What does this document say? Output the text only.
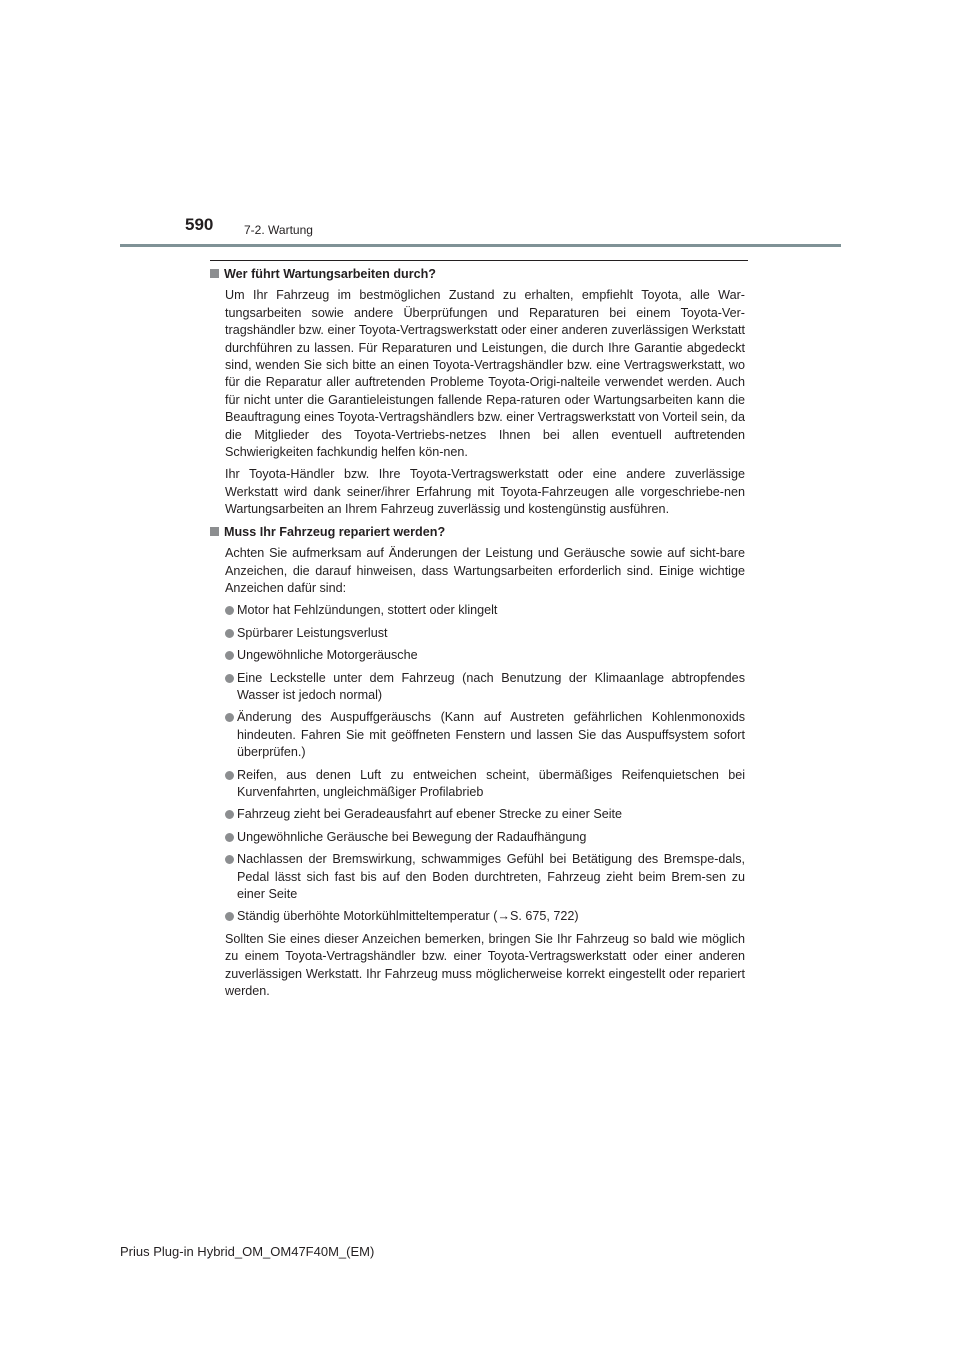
590	7-2. Wartung
Wer führt Wartungsarbeiten durch?

Um Ihr Fahrzeug im bestmöglichen Zustand zu erhalten, empfiehlt Toyota, alle War-tungsarbeiten sowie andere Überprüfungen und Reparaturen bei einem Toyota-Ver-tragshändler bzw. einer Toyota-Vertragswerkstatt oder einer anderen zuverlässigen Werkstatt durchführen zu lassen. Für Reparaturen und Leistungen, die durch Ihre Garantie abgedeckt sind, wenden Sie sich bitte an einen Toyota-Vertragshändler bzw. eine Vertragswerkstatt, wo für die Reparatur aller auftretenden Probleme Toyota-Origi-nalteile verwendet werden. Auch für nicht unter die Garantieleistungen fallende Repa-raturen oder Wartungsarbeiten kann die Beauftragung eines Toyota-Vertragshändlers bzw. einer Vertragswerkstatt von Vorteil sein, da die Mitglieder des Toyota-Vertriebs-netzes Ihnen bei allen eventuell auftretenden Schwierigkeiten fachkundig helfen kön-nen.

Ihr Toyota-Händler bzw. Ihre Toyota-Vertragswerkstatt oder eine andere zuverlässige Werkstatt wird dank seiner/ihrer Erfahrung mit Toyota-Fahrzeugen alle vorgeschriebe-nen Wartungsarbeiten an Ihrem Fahrzeug zuverlässig und kostengünstig ausführen.

Muss Ihr Fahrzeug repariert werden?

Achten Sie aufmerksam auf Änderungen der Leistung und Geräusche sowie auf sicht-bare Anzeichen, die darauf hinweisen, dass Wartungsarbeiten erforderlich sind. Einige wichtige Anzeichen dafür sind:

Motor hat Fehlzündungen, stottert oder klingelt
Spürbarer Leistungsverlust
Ungewöhnliche Motorgeräusche
Eine Leckstelle unter dem Fahrzeug (nach Benutzung der Klimaanlage abtropfendes Wasser ist jedoch normal)
Änderung des Auspuffgeräuschs (Kann auf Austreten gefährlichen Kohlenmonoxids hindeuten. Fahren Sie mit geöffneten Fenstern und lassen Sie das Auspuffsystem sofort überprüfen.)
Reifen, aus denen Luft zu entweichen scheint, übermäßiges Reifenquietschen bei Kurvenfahrten, ungleichmäßiger Profilabrieb
Fahrzeug zieht bei Geradeausfahrt auf ebener Strecke zu einer Seite
Ungewöhnliche Geräusche bei Bewegung der Radaufhängung
Nachlassen der Bremswirkung, schwammiges Gefühl bei Betätigung des Bremspe-dals, Pedal lässt sich fast bis auf den Boden durchtreten, Fahrzeug zieht beim Brem-sen zu einer Seite
Ständig überhöhte Motorkühlmitteltemperatur (→S. 675, 722)

Sollten Sie eines dieser Anzeichen bemerken, bringen Sie Ihr Fahrzeug so bald wie möglich zu einem Toyota-Vertragshändler bzw. einer Toyota-Vertragswerkstatt oder einer anderen zuverlässigen Werkstatt. Ihr Fahrzeug muss möglicherweise korrekt eingestellt oder repariert werden.

Prius Plug-in Hybrid_OM_OM47F40M_(EM)
